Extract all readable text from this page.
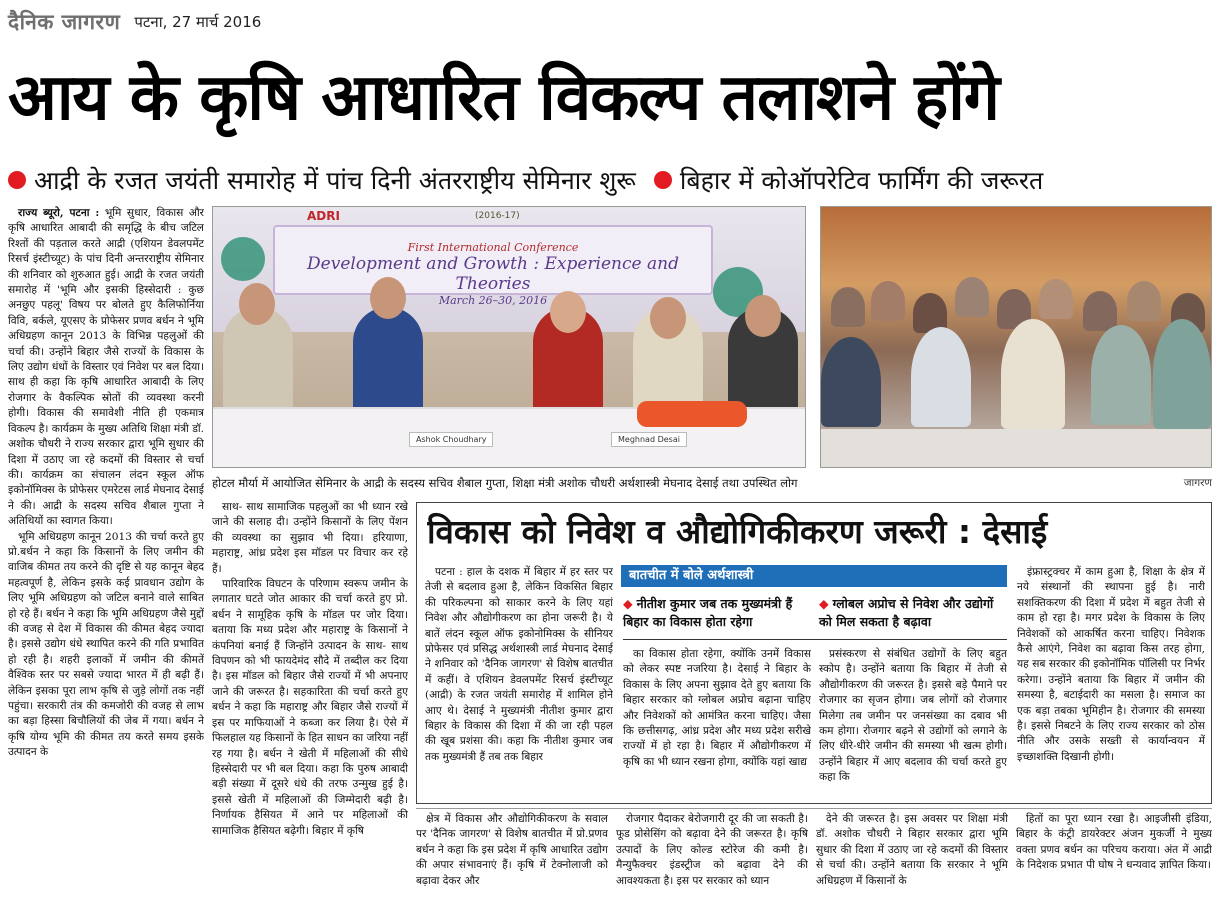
दैनिक जागरण पटना, 27 मार्च 2016
आय के कृषि आधारित विकल्प तलाशने होंगे
आद्री के रजत जयंती समारोह में पांच दिनी अंतरराष्ट्रीय सेमिनार शुरू बिहार में कोऑपरेटिव फार्मिंग की जरूरत

राज्य ब्यूरो, पटना : भूमि सुधार, विकास और कृषि आधारित आबादी की समृद्धि के बीच जटिल रिश्तों की पड़ताल करते आद्री (एशियन डेवलपमेंट रिसर्च इंस्टीच्यूट) के पांच दिनी अन्तरराष्ट्रीय सेमिनार की शनिवार को शुरुआत हुई। आद्री के रजत जयंती समारोह में 'भूमि और इसकी हिस्सेदारी : कुछ अनछुए पहलू' विषय पर बोलते हुए कैलिफोर्निया विवि, बर्कले, यूएसए के प्रोफेसर प्रणव बर्धन ने भूमि अधिग्रहण कानून 2013 के विभिन्न पहलुओं की चर्चा की। उन्होंने बिहार जैसे राज्यों के विकास के लिए उद्योग धंधों के विस्तार एवं निवेश पर बल दिया। साथ ही कहा कि कृषि आधारित आबादी के लिए रोजगार के वैकल्पिक स्रोतों की व्यवस्था करनी होगी। विकास की समावेशी नीति ही एकमात्र विकल्प है। कार्यक्रम के मुख्य अतिथि शिक्षा मंत्री डॉ. अशोक चौधरी ने राज्य सरकार द्वारा भूमि सुधार की दिशा में उठाए जा रहे कदमों की विस्तार से चर्चा की। कार्यक्रम का संचालन लंदन स्कूल ऑफ इकोनॉमिक्स के प्रोफेसर एमरेटस लार्ड मेघनाद देसाई ने की। आद्री के सदस्य सचिव शैबाल गुप्ता ने अतिथियों का स्वागत किया।

भूमि अधिग्रहण कानून 2013 की चर्चा करते हुए प्रो.बर्धन ने कहा कि किसानों के लिए जमीन की वाजिब कीमत तय करने की दृष्टि से यह कानून बेहद महत्वपूर्ण है, लेकिन इसके कई प्रावधान उद्योग के लिए भूमि अधिग्रहण को जटिल बनाने वाले साबित हो रहे हैं। बर्धन ने कहा कि भूमि अधिग्रहण जैसे मुद्दों की वजह से देश में विकास की कीमत बेहद ज्यादा है। इससे उद्योग धंधे स्थापित करने की गति प्रभावित हो रही है। शहरी इलाकों में जमीन की कीमतें वैश्विक स्तर पर सबसे ज्यादा भारत में ही बढ़ी हैं। लेकिन इसका पूरा लाभ कृषि से जुड़े लोगों तक नहीं पहुंचा। सरकारी तंत्र की कमजोरी की वजह से लाभ का बड़ा हिस्सा बिचौलियों की जेब में गया। बर्धन ने कृषि योग्य भूमि की कीमत तय करते समय इसके उत्पादन के

ADRI	(2016-17)
First International Conference
Development and Growth : Experience and Theories
March 26–30, 2016
Ashok Choudhary	Meghnad Desai
होटल मौर्या में आयोजित सेमिनार के आद्री के सदस्य सचिव शैबाल गुप्ता, शिक्षा मंत्री अशोक चौधरी अर्थशास्त्री मेघनाद देसाई तथा उपस्थित लोग	जागरण

साथ- साथ सामाजिक पहलुओं का भी ध्यान रखे जाने की सलाह दी। उन्होंने किसानों के लिए पेंशन की व्यवस्था का सुझाव भी दिया। हरियाणा, महाराष्ट्र, आंध्र प्रदेश इस मॉडल पर विचार कर रहे हैं।

पारिवारिक विघटन के परिणाम स्वरूप जमीन के लगातार घटते जोत आकार की चर्चा करते हुए प्रो. बर्धन ने सामूहिक कृषि के मॉडल पर जोर दिया। बताया कि मध्य प्रदेश और महाराष्ट्र के किसानों ने कंपनियां बनाई हैं जिन्होंने उत्पादन के साथ- साथ विपणन को भी फायदेमंद सौदे में तब्दील कर दिया है। इस मॉडल को बिहार जैसे राज्यों में भी अपनाए जाने की जरूरत है। सहकारिता की चर्चा करते हुए बर्धन ने कहा कि महाराष्ट्र और बिहार जैसे राज्यों में इस पर माफियाओं ने कब्जा कर लिया है। ऐसे में फिलहाल यह किसानों के हित साधन का जरिया नहीं रह गया है। बर्धन ने खेती में महिलाओं की सीधे हिस्सेदारी पर भी बल दिया। कहा कि पुरुष आबादी बड़ी संख्या में दूसरे धंधे की तरफ उन्मुख हुई है। इससे खेती में महिलाओं की जिम्मेदारी बढ़ी है। निर्णायक हैसियत में आने पर महिलाओं की सामाजिक हैसियत बढ़ेगी। बिहार में कृषि

विकास को निवेश व औद्योगिकीकरण जरूरी : देसाई

पटना : हाल के दशक में बिहार में हर स्तर पर तेजी से बदलाव हुआ है, लेकिन विकसित बिहार की परिकल्पना को साकार करने के लिए यहां निवेश और औद्योगीकरण का होना जरूरी है। ये बातें लंदन स्कूल ऑफ इकोनोमिक्स के सीनियर प्रोफेसर एवं प्रसिद्ध अर्थशास्त्री लार्ड मेघनाद देसाई ने शनिवार को 'दैनिक जागरण' से विशेष बातचीत में कहीं। वे एशियन डेवलपमेंट रिसर्च इंस्टीच्यूट (आद्री) के रजत जयंती समारोह में शामिल होने आए थे। देसाई ने मुख्यमंत्री नीतीश कुमार द्वारा बिहार के विकास की दिशा में की जा रही पहल की खूब प्रशंसा की। कहा कि नीतीश कुमार जब तक मुख्यमंत्री हैं तब तक बिहार

बातचीत में बोले अर्थशास्त्री
◆ नीतीश कुमार जब तक मुख्यमंत्री हैं बिहार का विकास होता रहेगा
◆ ग्लोबल अप्रोच से निवेश और उद्योगों को मिल सकता है बढ़ावा

का विकास होता रहेगा, क्योंकि उनमें विकास को लेकर स्पष्ट नजरिया है। देसाई ने बिहार के विकास के लिए अपना सुझाव देते हुए बताया कि बिहार सरकार को ग्लोबल अप्रोच बढ़ाना चाहिए और निवेशकों को आमंत्रित करना चाहिए। जैसा कि छत्तीसगढ़, आंध्र प्रदेश और मध्य प्रदेश सरीखे राज्यों में हो रहा है। बिहार में औद्योगीकरण में कृषि का भी ध्यान रखना होगा, क्योंकि यहां खाद्य

प्रसंस्करण से संबंधित उद्योगों के लिए बहुत स्कोप है। उन्होंने बताया कि बिहार में तेजी से औद्योगीकरण की जरूरत है। इससे बड़े पैमाने पर रोजगार का सृजन होगा। जब लोगों को रोजगार मिलेगा तब जमीन पर जनसंख्या का दबाव भी कम होगा। रोजगार बढ़ने से उद्योगों को लगाने के लिए धीरे-धीरे जमीन की समस्या भी खत्म होगी। उन्होंने बिहार में आए बदलाव की चर्चा करते हुए कहा कि

इंफ्रास्ट्रक्चर में काम हुआ है, शिक्षा के क्षेत्र में नये संस्थानों की स्थापना हुई है। नारी सशक्तिकरण की दिशा में प्रदेश में बहुत तेजी से काम हो रहा है। मगर प्रदेश के विकास के लिए निवेशकों को आकर्षित करना चाहिए। निवेशक कैसे आएंगे, निवेश का बढ़ावा किस तरह होगा, यह सब सरकार की इकोनॉमिक पॉलिसी पर निर्भर करेगा। उन्होंने बताया कि बिहार में जमीन की समस्या है, बटाईदारी का मसला है। समाज का एक बड़ा तबका भूमिहीन है। रोजगार की समस्या है। इससे निबटने के लिए राज्य सरकार को ठोस नीति और उसके सख्ती से कार्यान्वयन में इच्छाशक्ति दिखानी होगी।

क्षेत्र में विकास और औद्योगिकीकरण के सवाल पर 'दैनिक जागरण' से विशेष बातचीत में प्रो.प्रणव बर्धन ने कहा कि इस प्रदेश में कृषि आधारित उद्योग की अपार संभावनाएं हैं। कृषि में टेक्नोलाजी को बढ़ावा देकर और

रोजगार पैदाकर बेरोजगारी दूर की जा सकती है। फूड प्रोसेसिंग को बढ़ावा देने की जरूरत है। कृषि उत्पादों के लिए कोल्ड स्टोरेज की कमी है। मैन्युफैक्चर इंडस्ट्रीज को बढ़ावा देने की आवश्यकता है। इस पर सरकार को ध्यान

देने की जरूरत है। इस अवसर पर शिक्षा मंत्री डॉ. अशोक चौधरी ने बिहार सरकार द्वारा भूमि सुधार की दिशा में उठाए जा रहे कदमों की विस्तार से चर्चा की। उन्होंने बताया कि सरकार ने भूमि अधिग्रहण में किसानों के

हितों का पूरा ध्यान रखा है। आइजीसी इंडिया, बिहार के कंट्री डायरेक्टर अंजन मुकर्जी ने मुख्य वक्ता प्रणव बर्धन का परिचय कराया। अंत में आद्री के निदेशक प्रभात पी घोष ने धन्यवाद ज्ञापित किया।
